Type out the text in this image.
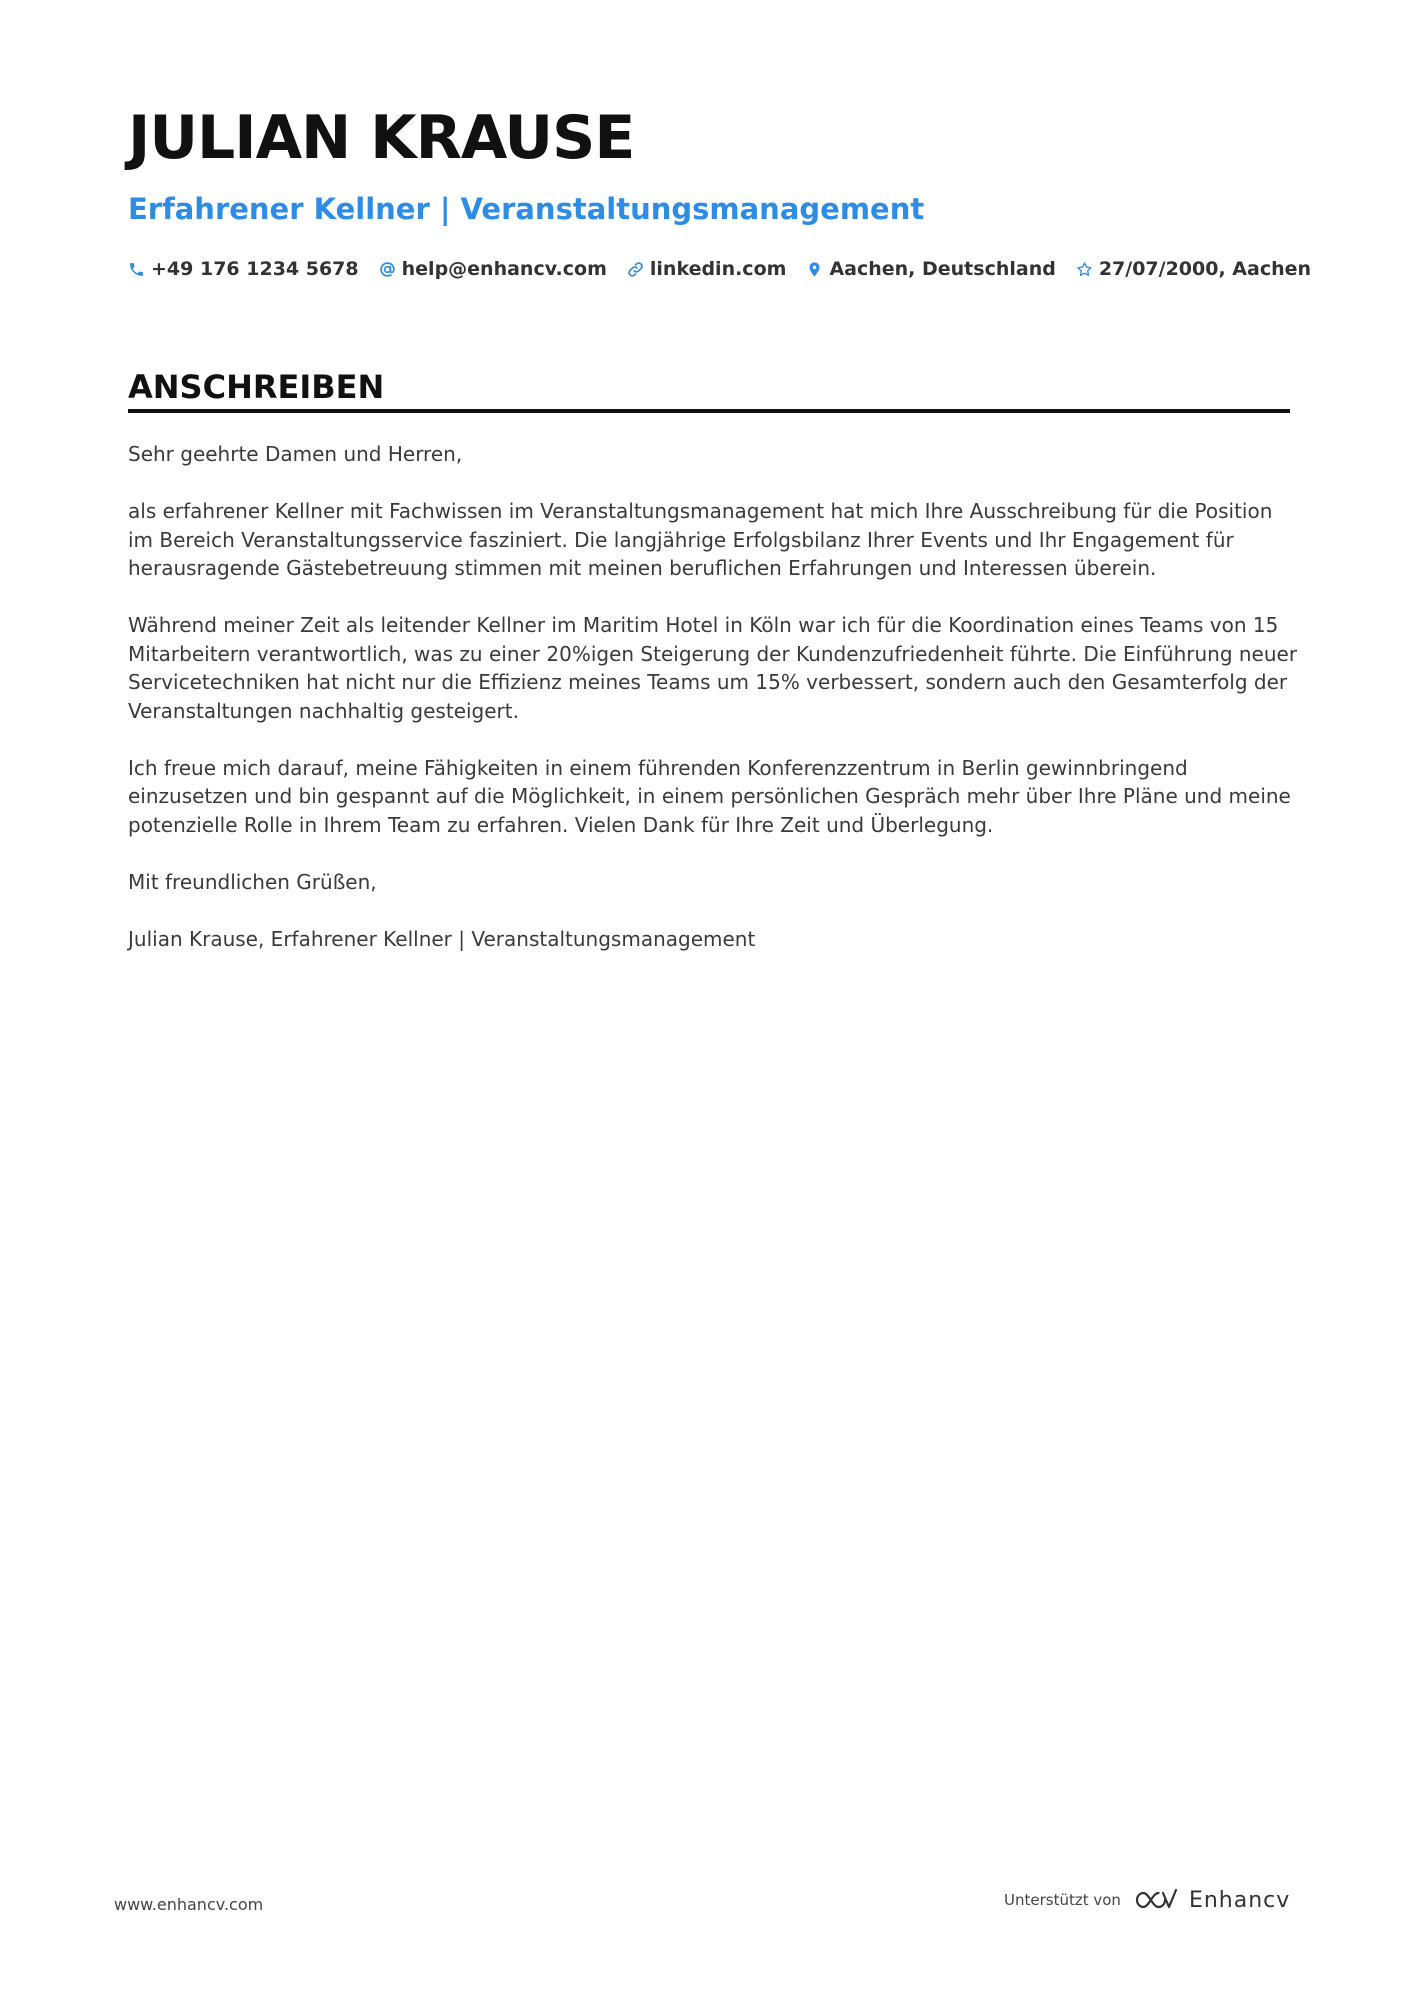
JULIAN KRAUSE
Erfahrener Kellner | Veranstaltungsmanagement
+49 176 1234 5678 help@enhancv.com linkedin.com Aachen, Deutschland 27/07/2000, Aachen
ANSCHREIBEN

Sehr geehrte Damen und Herren,

als erfahrener Kellner mit Fachwissen im Veranstaltungsmanagement hat mich Ihre Ausschreibung für die Position im Bereich Veranstaltungsservice fasziniert. Die langjährige Erfolgsbilanz Ihrer Events und Ihr Engagement für herausragende Gästebetreuung stimmen mit meinen beruflichen Erfahrungen und Interessen überein.

Während meiner Zeit als leitender Kellner im Maritim Hotel in Köln war ich für die Koordination eines Teams von 15 Mitarbeitern verantwortlich, was zu einer 20%igen Steigerung der Kundenzufriedenheit führte. Die Einführung neuer Servicetechniken hat nicht nur die Effizienz meines Teams um 15% verbessert, sondern auch den Gesamterfolg der Veranstaltungen nachhaltig gesteigert.

Ich freue mich darauf, meine Fähigkeiten in einem führenden Konferenzzentrum in Berlin gewinnbringend einzusetzen und bin gespannt auf die Möglichkeit, in einem persönlichen Gespräch mehr über Ihre Pläne und meine potenzielle Rolle in Ihrem Team zu erfahren. Vielen Dank für Ihre Zeit und Überlegung.

Mit freundlichen Grüßen,

Julian Krause, Erfahrener Kellner | Veranstaltungsmanagement

www.enhancv.com	Unterstützt von	Enhancv
